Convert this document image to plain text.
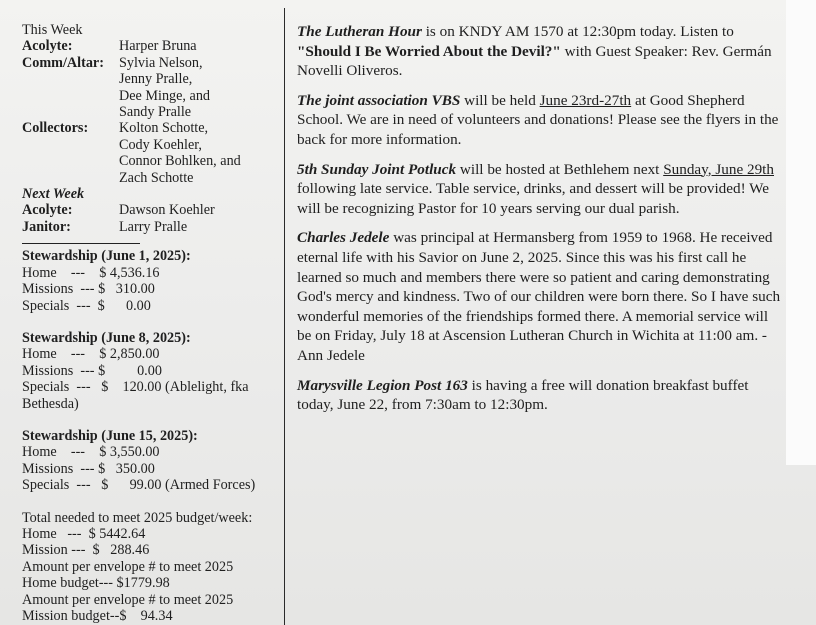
This Week
Acolyte:	Harper Bruna
Comm/Altar:	Sylvia Nelson,
Jenny Pralle,
Dee Minge, and
Sandy Pralle
Collectors:	Kolton Schotte,
Cody Koehler,
Connor Bohlken, and
Zach Schotte
Next Week
Acolyte:	Dawson Koehler
Janitor:	Larry Pralle
Stewardship (June 1, 2025):
Home    ---    $ 4,536.16
Missions  --- $   310.00
Specials  ---  $      0.00
Stewardship (June 8, 2025):
Home    ---    $ 2,850.00
Missions  --- $         0.00
Specials  ---   $    120.00 (Ablelight, fka
Bethesda)
Stewardship (June 15, 2025):
Home    ---    $ 3,550.00
Missions  --- $   350.00
Specials  ---   $      99.00 (Armed Forces)
Total needed to meet 2025 budget/week:
Home   ---  $ 5442.64
Mission ---  $   288.46
Amount per envelope # to meet 2025
Home budget--- $1779.98
Amount per envelope # to meet 2025
Mission budget--$    94.34

The Lutheran Hour is on KNDY AM 1570 at 12:30pm today. Listen to "Should I Be Worried About the Devil?" with Guest Speaker: Rev. Germán Novelli Oliveros.

The joint association VBS will be held June 23rd-27th at Good Shepherd School. We are in need of volunteers and donations! Please see the flyers in the back for more information.

5th Sunday Joint Potluck will be hosted at Bethlehem next Sunday, June 29th following late service. Table service, drinks, and dessert will be provided! We will be recognizing Pastor for 10 years serving our dual parish.

Charles Jedele was principal at Hermansberg from 1959 to 1968. He received eternal life with his Savior on June 2, 2025. Since this was his first call he learned so much and members there were so patient and caring demonstrating God's mercy and kindness. Two of our children were born there. So I have such wonderful memories of the friendships formed there. A memorial service will be on Friday, July 18 at Ascension Lutheran Church in Wichita at 11:00 am. - Ann Jedele

Marysville Legion Post 163 is having a free will donation breakfast buffet today, June 22, from 7:30am to 12:30pm.
